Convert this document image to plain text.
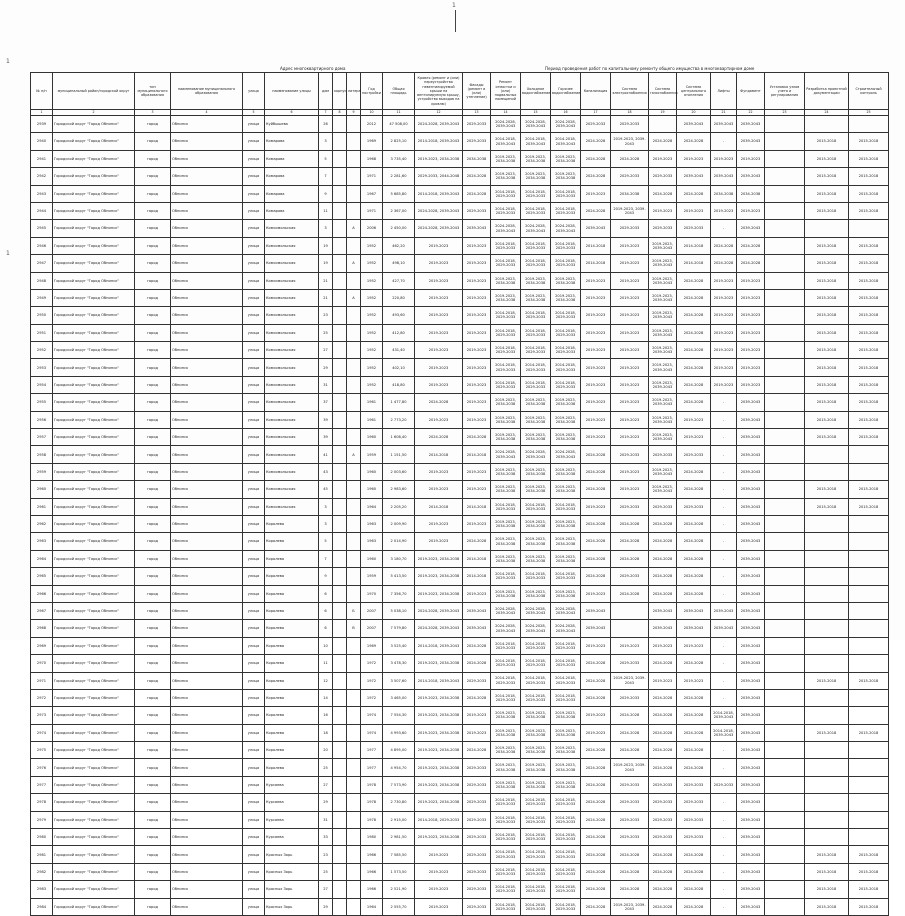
1
1
1
Адрес многоквартирного дома	Период проведения работ по капитальному ремонту общего имущества в многоквартирном доме
№ п/п	муниципальный район/городской округ	тип муниципального образования	наименование муниципального образования	улица	наименование улицы	дом	корпус	литера	Год постройки	Общая площадь	Кровля (ремонт и (или) переустройство невентилируемой крыши на вентилируемую крышу, устройство выходов на кровлю)	Фасады (ремонт и (или) утепление)	Ремонт отмостки и (или) подвальных помещений	Холодное водоснабжение	Горячее водоснабжение	Канализация	Система электроснабжения	Система газоснабжения	Система центрального отопления	Лифты	Фундамент	Установка узлов учета и регулирования	Разработка проектной документации	Строительный контроль
1	2	3	4	5	6	7	8	9	10	11	12	13	14	15	16	17	18	19	20	21	22	23	24	25
2939	Городской округ "Город Обнинск"	город	Обнинск	улица	Куйбышева	26			2012	47 508,00	2024-2028, 2039-2043	2029-2033	2024-2028, 2039-2043	2024-2028, 2039-2043	2024-2028, 2039-2043	2029-2033	2029-2033		2039-2043	2039-2043	2039-2043			
2940	Городской округ "Город Обнинск"	город	Обнинск	улица	Комарова	3			1969	2 825,10	2014-2018, 2039-2043	2029-2033	2014-2018, 2039-2043	2014-2018, 2039-2043	2014-2018, 2039-2043	2024-2028	2019-2023, 2039-2043	2024-2028	2024-2028	-	2039-2043		2015-2018	2015-2018
2941	Городской округ "Город Обнинск"	город	Обнинск	улица	Комарова	5			1968	3 735,40	2019-2023, 2034-2038	2034-2038	2019-2023, 2034-2038	2019-2023, 2034-2038	2019-2023, 2034-2038	2024-2028	2024-2028	2019-2023	2019-2023	2019-2023	2019-2023		2015-2018	2015-2018
2942	Городской округ "Город Обнинск"	город	Обнинск	улица	Комарова	7			1971	2 281,60	2029-2033, 2044-2048	2024-2028	2019-2023, 2034-2038	2019-2023, 2034-2038	2019-2023, 2034-2038	2024-2028	2029-2033	2029-2033	2039-2043	2039-2043	2039-2043		2015-2018	2015-2018
2943	Городской округ "Город Обнинск"	город	Обнинск	улица	Комарова	9			1967	5 685,80	2014-2018, 2039-2043	2024-2028	2014-2018, 2029-2033	2014-2018, 2029-2033	2014-2018, 2029-2033	2019-2023	2034-2038	2024-2028	2024-2028	2034-2038	2034-2038		2015-2018	2015-2018
2944	Городской округ "Город Обнинск"	город	Обнинск	улица	Комарова	11			1971	2 367,00	2024-2028, 2039-2043	2029-2033	2014-2018, 2029-2033	2014-2018, 2029-2033	2014-2018, 2029-2033	2024-2028	2019-2023, 2039-2043	2019-2023	2019-2023	2019-2023	2019-2023		2015-2018	2015-2018
2945	Городской округ "Город Обнинск"	город	Обнинск	улица	Комсомольская	3		А	2006	2 450,00	2024-2028, 2039-2043	2039-2043	2024-2028, 2039-2043	2024-2028, 2039-2043	2024-2028, 2039-2043	2039-2043	2029-2033	2029-2033	2029-2033	-	2039-2043			
2946	Городской округ "Город Обнинск"	город	Обнинск	улица	Комсомольская	19			1952	462,20	2019-2023	2019-2023	2014-2018, 2029-2033	2014-2018, 2029-2033	2014-2018, 2029-2033	2014-2018	2019-2023	2019-2023, 2039-2043	2014-2018	2024-2028	2024-2028		2015-2018	2015-2018
2947	Городской округ "Город Обнинск"	город	Обнинск	улица	Комсомольская	19		А	1952	498,10	2019-2023	2019-2023	2014-2018, 2029-2033	2014-2018, 2029-2033	2014-2018, 2029-2033	2014-2018	2019-2023	2019-2023, 2039-2043	2014-2018	2024-2028	2024-2028		2015-2018	2015-2018
2948	Городской округ "Город Обнинск"	город	Обнинск	улица	Комсомольская	21			1952	427,70	2019-2023	2019-2023	2019-2023, 2034-2038	2019-2023, 2034-2038	2019-2023, 2034-2038	2019-2023	2019-2023	2019-2023, 2039-2043	2024-2028	2019-2023	2019-2023		2015-2018	2015-2018
2949	Городской округ "Город Обнинск"	город	Обнинск	улица	Комсомольская	21		А	1952	220,80	2019-2023	2019-2023	2019-2023, 2034-2038	2019-2023, 2034-2038	2019-2023, 2034-2038	2019-2023	2019-2023	2019-2023, 2039-2043	2024-2028	2019-2023	2019-2023		2015-2018	2015-2018
2950	Городской округ "Город Обнинск"	город	Обнинск	улица	Комсомольская	23			1952	493,60	2019-2023	2019-2023	2014-2018, 2029-2033	2014-2018, 2029-2033	2014-2018, 2029-2033	2019-2023	2019-2023	2019-2023, 2039-2043	2024-2028	2019-2023	2019-2023		2015-2018	2015-2018
2951	Городской округ "Город Обнинск"	город	Обнинск	улица	Комсомольская	25			1952	412,80	2019-2023	2019-2023	2014-2018, 2029-2033	2014-2018, 2029-2033	2014-2018, 2029-2033	2019-2023	2019-2023	2019-2023, 2039-2043	2024-2028	2019-2023	2019-2023		2015-2018	2015-2018
2952	Городской округ "Город Обнинск"	город	Обнинск	улица	Комсомольская	27			1952	431,40	2019-2023	2019-2023	2014-2018, 2029-2033	2014-2018, 2029-2033	2014-2018, 2029-2033	2019-2023	2019-2023	2019-2023, 2039-2043	2024-2028	2019-2023	2019-2023		2015-2018	2015-2018
2953	Городской округ "Город Обнинск"	город	Обнинск	улица	Комсомольская	29			1952	402,10	2019-2023	2019-2023	2014-2018, 2029-2033	2014-2018, 2029-2033	2014-2018, 2029-2033	2019-2023	2019-2023	2019-2023, 2039-2043	2024-2028	2019-2023	2019-2023		2015-2018	2015-2018
2954	Городской округ "Город Обнинск"	город	Обнинск	улица	Комсомольская	31			1952	418,80	2019-2023	2019-2023	2014-2018, 2029-2033	2014-2018, 2029-2033	2014-2018, 2029-2033	2019-2023	2019-2023	2019-2023, 2039-2043	2024-2028	2019-2023	2019-2023		2015-2018	2015-2018
2955	Городской округ "Город Обнинск"	город	Обнинск	улица	Комсомольская	37			1961	1 477,80	2024-2028	2019-2023	2019-2023, 2034-2038	2019-2023, 2034-2038	2019-2023, 2034-2038	2019-2023	2019-2023	2019-2023, 2039-2043	2024-2028	-	2039-2043		2015-2018	2015-2018
2956	Городской округ "Город Обнинск"	город	Обнинск	улица	Комсомольская	39			1961	2 773,20	2019-2023	2019-2023	2019-2023, 2034-2038	2019-2023, 2034-2038	2019-2023, 2034-2038	2019-2023	2019-2023	2019-2023, 2039-2043	2019-2023	-	2039-2043		2015-2018	2015-2018
2957	Городской округ "Город Обнинск"	город	Обнинск	улица	Комсомольская	39			1960	1 608,40	2024-2028	2024-2028	2019-2023, 2034-2038	2019-2023, 2034-2038	2019-2023, 2034-2038	2019-2023	2019-2023	2019-2023, 2039-2043	2019-2023	-	2039-2043		2015-2018	2015-2018
2958	Городской округ "Город Обнинск"	город	Обнинск	улица	Комсомольская	41		А	1959	1 151,50	2014-2018	2014-2018	2024-2028, 2039-2043	2024-2028, 2039-2043	2024-2028, 2039-2043	2024-2028	2029-2033	2029-2033	2029-2033	-	2039-2043			
2959	Городской округ "Город Обнинск"	город	Обнинск	улица	Комсомольская	43			1960	2 003,60	2019-2023	2019-2023	2019-2023, 2034-2038	2019-2023, 2034-2038	2019-2023, 2034-2038	2024-2028	2019-2023	2019-2023, 2039-2043	2024-2028	-	2039-2043			
2960	Городской округ "Город Обнинск"	город	Обнинск	улица	Комсомольская	45			1960	2 983,60	2019-2023	2019-2023	2019-2023, 2034-2038	2019-2023, 2034-2038	2019-2023, 2034-2038	2024-2028	2019-2023	2019-2023, 2039-2043	2024-2028	-	2039-2043		2015-2018	2015-2018
2961	Городской округ "Город Обнинск"	город	Обнинск	улица	Комсомольская	3			1964	2 205,20	2014-2018	2014-2018	2014-2018, 2029-2033	2014-2018, 2029-2033	2014-2018, 2029-2033	2019-2023	2029-2033	2029-2033	2029-2033	-	2039-2043		2015-2018	2015-2018
2962	Городской округ "Город Обнинск"	город	Обнинск	улица	Королева	3			1963	2 009,90	2019-2023	2019-2023	2019-2023, 2034-2038	2019-2023, 2034-2038	2019-2023, 2034-2038	2024-2028	2024-2028	2024-2028	2024-2028	-	2039-2043			
2963	Городской округ "Город Обнинск"	город	Обнинск	улица	Королева	5			1963	2 014,90	2019-2023	2024-2028	2019-2023, 2034-2038	2019-2023, 2034-2038	2019-2023, 2034-2038	2024-2028	2024-2028	2024-2028	2024-2028	-	2039-2043			
2964	Городской округ "Город Обнинск"	город	Обнинск	улица	Королева	7			1960	3 180,70	2019-2023, 2034-2038	2014-2018	2019-2023, 2034-2038	2019-2023, 2034-2038	2019-2023, 2034-2038	2024-2028	2024-2028	2024-2028	2024-2028	-	2039-2043			
2965	Городской округ "Город Обнинск"	город	Обнинск	улица	Королева	9			1959	5 413,50	2019-2023, 2034-2038	2014-2018	2014-2018, 2029-2033	2014-2018, 2029-2033	2014-2018, 2029-2033	2024-2028	2029-2033	2024-2028	2024-2028	-	2039-2043			
2966	Городской округ "Город Обнинск"	город	Обнинск	улица	Королева	6			1970	7 356,70	2019-2023, 2034-2038	2019-2023	2019-2023, 2034-2038	2019-2023, 2034-2038	2019-2023, 2034-2038	2019-2023	2024-2028	2024-2028	2024-2028	-	2039-2043			
2967	Городской округ "Город Обнинск"	город	Обнинск	улица	Королева	6		Б	2007	5 038,10	2024-2028, 2039-2043	2039-2043	2024-2028, 2039-2043	2024-2028, 2039-2043	2024-2028, 2039-2043	2039-2043		2039-2043	2039-2043	2039-2043	2039-2043			
2968	Городской округ "Город Обнинск"	город	Обнинск	улица	Королева	6		В	2007	7 579,80	2024-2028, 2039-2043	2039-2043	2024-2028, 2039-2043	2024-2028, 2039-2043	2024-2028, 2039-2043	2039-2043		2039-2043	2039-2043	2039-2043	2039-2043			
2969	Городской округ "Город Обнинск"	город	Обнинск	улица	Королева	10			1969	3 525,40	2014-2018, 2039-2043	2024-2028	2014-2018, 2029-2033	2014-2018, 2029-2033	2014-2018, 2029-2033	2019-2023	2019-2023	2019-2023	2019-2023	-	2039-2043			
2970	Городской округ "Город Обнинск"	город	Обнинск	улица	Королева	11			1972	3 478,30	2019-2023, 2034-2038	2024-2028	2014-2018, 2029-2033	2014-2018, 2029-2033	2014-2018, 2029-2033	2024-2028	2029-2033	2024-2028	2024-2028	-	2039-2043			
2971	Городской округ "Город Обнинск"	город	Обнинск	улица	Королева	12			1972	3 507,60	2014-2018, 2039-2043	2029-2033	2014-2018, 2029-2033	2014-2018, 2029-2033	2014-2018, 2029-2033	2024-2028	2019-2023, 2039-2043	2019-2023	2019-2023	-	2039-2043		2015-2018	2015-2018
2972	Городской округ "Город Обнинск"	город	Обнинск	улица	Королева	14			1972	3 465,00	2019-2023, 2034-2038	2024-2028	2014-2018, 2029-2033	2014-2018, 2029-2033	2014-2018, 2029-2033	2024-2028	2029-2033	2024-2028	2024-2028	-	2039-2043			
2973	Городской округ "Город Обнинск"	город	Обнинск	улица	Королева	16			1974	7 554,30	2019-2023, 2034-2038	2019-2023	2019-2023, 2034-2038	2019-2023, 2034-2038	2019-2023, 2034-2038	2019-2023	2024-2028	2024-2028	2024-2028	2014-2018, 2039-2043	2039-2043			
2974	Городской округ "Город Обнинск"	город	Обнинск	улица	Королева	18			1974	4 993,60	2019-2023, 2034-2038	2019-2023	2019-2023, 2034-2038	2019-2023, 2034-2038	2019-2023, 2034-2038	2019-2023	2024-2028	2024-2028	2024-2028	2014-2018, 2039-2043	2039-2043		2015-2018	2015-2018
2975	Городской округ "Город Обнинск"	город	Обнинск	улица	Королева	20			1977	4 895,00	2019-2023, 2034-2038	2024-2028	2019-2023, 2034-2038	2019-2023, 2034-2038	2019-2023, 2034-2038	2024-2028	2024-2028	2024-2028	2024-2028	-	2039-2043			
2976	Городской округ "Город Обнинск"	город	Обнинск	улица	Королева	25			1977	4 954,70	2019-2023, 2034-2038	2029-2033	2019-2023, 2034-2038	2019-2023, 2034-2038	2019-2023, 2034-2038	2024-2028	2019-2023, 2039-2043	2024-2028	2024-2028	-	2039-2043			
2977	Городской округ "Город Обнинск"	город	Обнинск	улица	Курсаева	27			1978	7 573,90	2019-2023, 2034-2038	2029-2033	2019-2023, 2034-2038	2019-2023, 2034-2038	2019-2023, 2034-2038	2024-2028	2029-2033	2029-2033	2029-2033	2029-2033	2039-2043			
2978	Городской округ "Город Обнинск"	город	Обнинск	улица	Курсаева	29			1978	2 730,80	2019-2023, 2034-2038	2029-2033	2014-2018, 2029-2033	2014-2018, 2029-2033	2014-2018, 2029-2033	2024-2028	2029-2033	2029-2033	2029-2033	-	2039-2043			
2979	Городской округ "Город Обнинск"	город	Обнинск	улица	Курсаева	31			1978	2 915,00	2014-2018, 2029-2033	2029-2033	2014-2018, 2029-2033	2014-2018, 2029-2033	2014-2018, 2029-2033	2024-2028	2029-2033	2029-2033	2029-2033	-	2039-2043			
2980	Городской округ "Город Обнинск"	город	Обнинск	улица	Курсаева	33			1980	2 981,50	2019-2023, 2034-2038	2029-2033	2014-2018, 2029-2033	2014-2018, 2029-2033	2014-2018, 2029-2033	2024-2028	2029-2033	2029-2033	2029-2033	-	2039-2043			
2981	Городской округ "Город Обнинск"	город	Обнинск	улица	Красных Зорь	23			1966	7 585,50	2019-2023	2029-2033	2014-2018, 2029-2033	2014-2018, 2029-2033	2014-2018, 2029-2033	2024-2028	2024-2028	2024-2028	2024-2028	-	2039-2043		2015-2018	2015-2018
2982	Городской округ "Город Обнинск"	город	Обнинск	улица	Красных Зорь	25			1966	1 573,50	2019-2023	2029-2033	2014-2018, 2029-2033	2014-2018, 2029-2033	2014-2018, 2029-2033	2024-2028	2024-2028	2024-2028	2024-2028	-	2039-2043		2015-2018	2015-2018
2983	Городской округ "Город Обнинск"	город	Обнинск	улица	Красных Зорь	27			1966	2 521,90	2019-2023	2029-2033	2014-2018, 2029-2033	2014-2018, 2029-2033	2014-2018, 2029-2033	2024-2028	2024-2028	2024-2028	2024-2028	-	2039-2043		2015-2018	2015-2018
2984	Городской округ "Город Обнинск"	город	Обнинск	улица	Красных Зорь	29			1964	2 555,70	2019-2023	2029-2033	2014-2018, 2029-2033	2014-2018, 2029-2033	2014-2018, 2029-2033	2024-2028	2019-2023, 2039-2043	2024-2028	2024-2028	-	2039-2043		2015-2018	2015-2018
